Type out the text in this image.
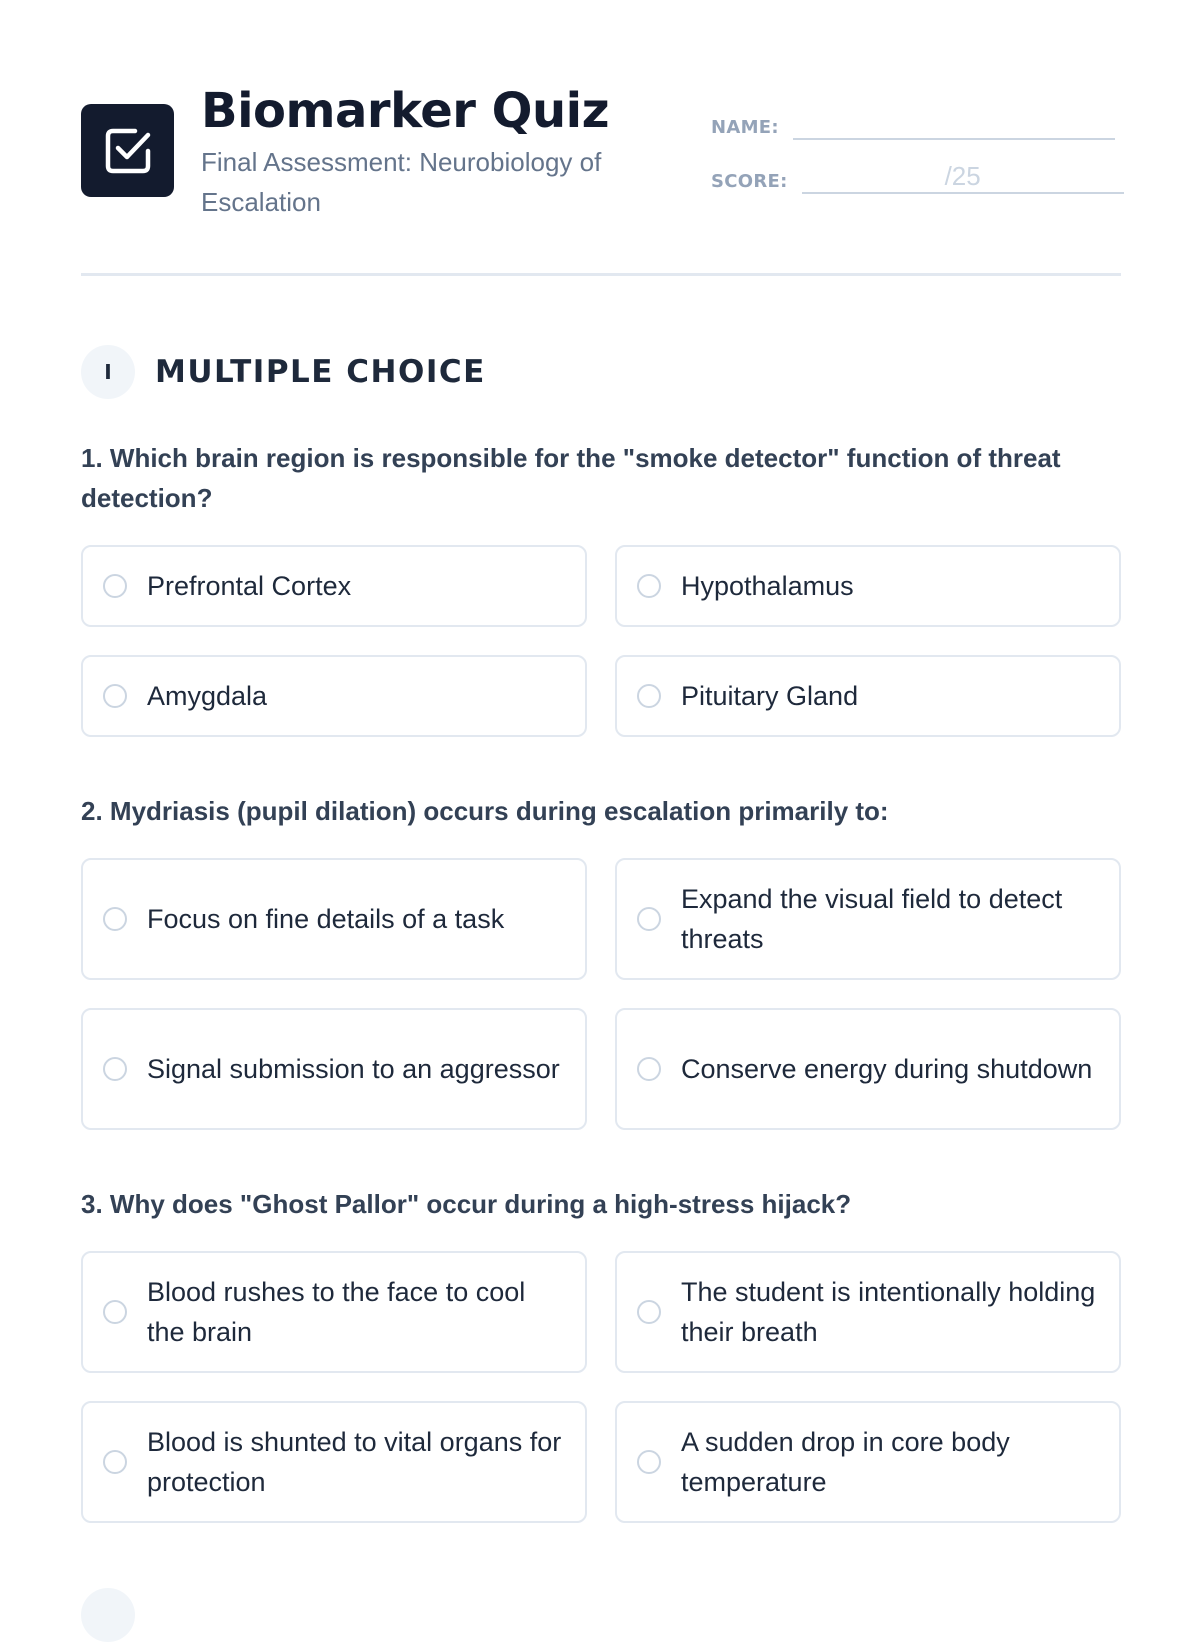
Biomarker Quiz
Final Assessment: Neurobiology of Escalation
NAME:
SCORE:	/25
I	MULTIPLE CHOICE

1. Which brain region is responsible for the "smoke detector" function of threat detection?

Prefrontal Cortex	Hypothalamus
Amygdala	Pituitary Gland

2. Mydriasis (pupil dilation) occurs during escalation primarily to:

Focus on fine details of a task
Expand the visual field to detect threats
Signal submission to an aggressor	Conserve energy during shutdown

3. Why does "Ghost Pallor" occur during a high-stress hijack?

Blood rushes to the face to cool the brain
The student is intentionally holding their breath
Blood is shunted to vital organs for protection
A sudden drop in core body temperature
